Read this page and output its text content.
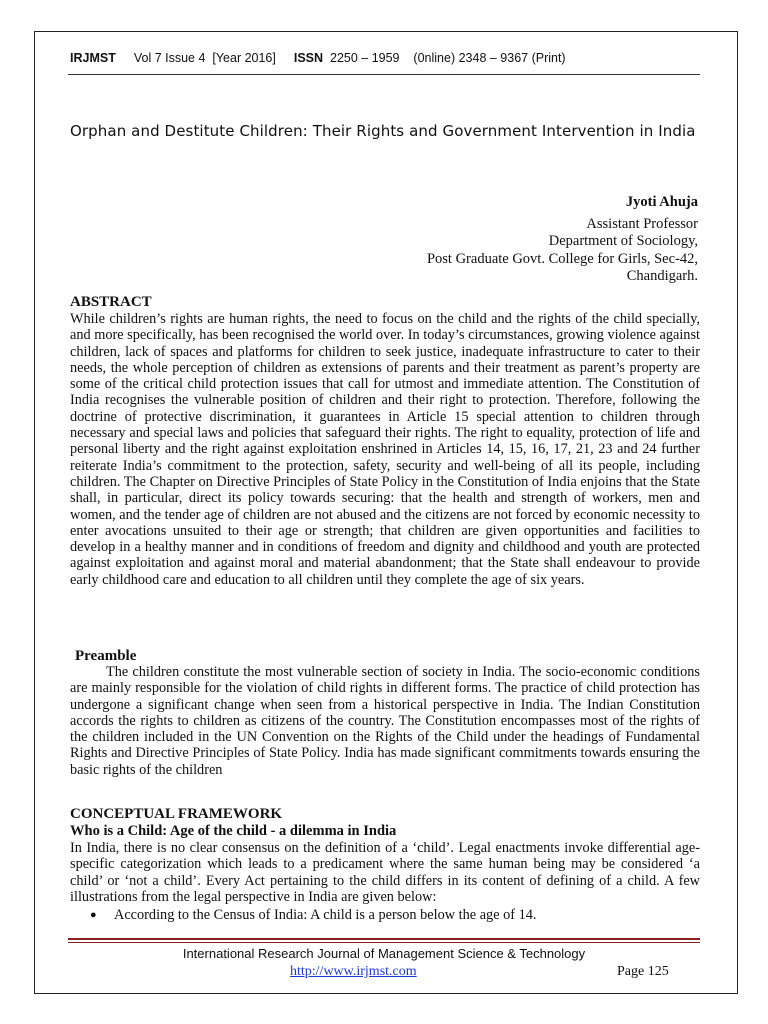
IRJMST Vol 7 Issue 4 [Year 2016] ISSN 2250 – 1959 (0nline) 2348 – 9367 (Print)
Orphan and Destitute Children: Their Rights and Government Intervention in India
Jyoti Ahuja
Assistant Professor
Department of Sociology,
Post Graduate Govt. College for Girls, Sec-42,
Chandigarh.
ABSTRACT
While children’s rights are human rights, the need to focus on the child and the rights of the child specially, and more specifically, has been recognised the world over. In today’s circumstances, growing violence against children, lack of spaces and platforms for children to seek justice, inadequate infrastructure to cater to their needs, the whole perception of children as extensions of parents and their treatment as parent’s property are some of the critical child protection issues that call for utmost and immediate attention. The Constitution of India recognises the vulnerable position of children and their right to protection. Therefore, following the doctrine of protective discrimination, it guarantees in Article 15 special attention to children through necessary and special laws and policies that safeguard their rights. The right to equality, protection of life and personal liberty and the right against exploitation enshrined in Articles 14, 15, 16, 17, 21, 23 and 24 further reiterate India’s commitment to the protection, safety, security and well-being of all its people, including children. The Chapter on Directive Principles of State Policy in the Constitution of India enjoins that the State shall, in particular, direct its policy towards securing: that the health and strength of workers, men and women, and the tender age of children are not abused and the citizens are not forced by economic necessity to enter avocations unsuited to their age or strength; that children are given opportunities and facilities to develop in a healthy manner and in conditions of freedom and dignity and childhood and youth are protected against exploitation and against moral and material abandonment; that the State shall endeavour to provide early childhood care and education to all children until they complete the age of six years.
Preamble
The children constitute the most vulnerable section of society in India. The socio-economic conditions are mainly responsible for the violation of child rights in different forms. The practice of child protection has undergone a significant change when seen from a historical perspective in India. The Indian Constitution accords the rights to children as citizens of the country. The Constitution encompasses most of the rights of the children included in the UN Convention on the Rights of the Child under the headings of Fundamental Rights and Directive Principles of State Policy. India has made significant commitments towards ensuring the basic rights of the children
CONCEPTUAL FRAMEWORK
Who is a Child: Age of the child - a dilemma in India
In India, there is no clear consensus on the definition of a ‘child’. Legal enactments invoke differential age-specific categorization which leads to a predicament where the same human being may be considered ‘a child’ or ‘not a child’. Every Act pertaining to the child differs in its content of defining of a child. A few illustrations from the legal perspective in India are given below:
● According to the Census of India: A child is a person below the age of 14.
International Research Journal of Management Science & Technology
http://www.irjmst.com	Page 125
